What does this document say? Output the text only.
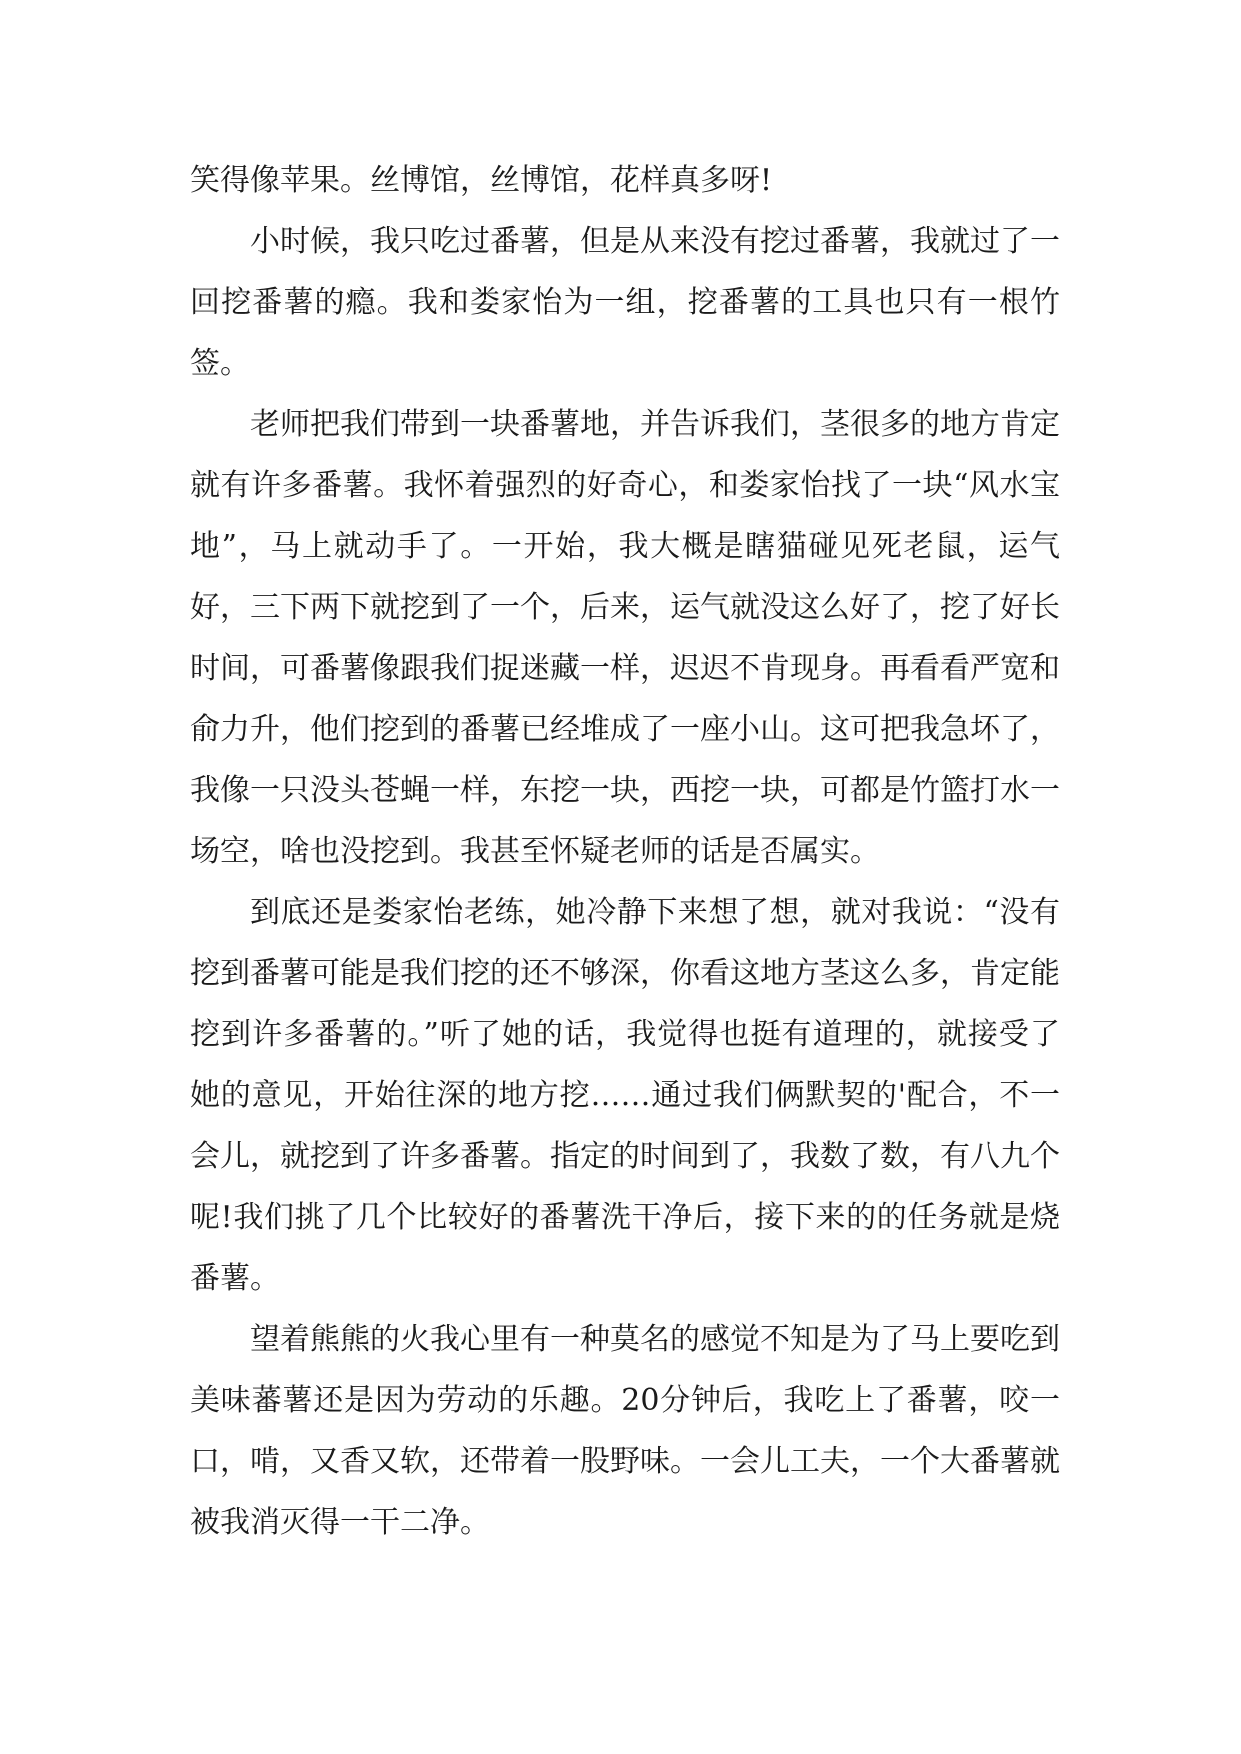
笑得像苹果。丝博馆，丝博馆，花样真多呀!

小时候，我只吃过番薯，但是从来没有挖过番薯，我就过了一回挖番薯的瘾。我和娄家怡为一组，挖番薯的工具也只有一根竹签。

老师把我们带到一块番薯地，并告诉我们，茎很多的地方肯定就有许多番薯。我怀着强烈的好奇心，和娄家怡找了一块“风水宝地”，马上就动手了。一开始，我大概是瞎猫碰见死老鼠，运气好，三下两下就挖到了一个，后来，运气就没这么好了，挖了好长时间，可番薯像跟我们捉迷藏一样，迟迟不肯现身。再看看严宽和俞力升，他们挖到的番薯已经堆成了一座小山。这可把我急坏了，我像一只没头苍蝇一样，东挖一块，西挖一块，可都是竹篮打水一场空，啥也没挖到。我甚至怀疑老师的话是否属实。

到底还是娄家怡老练，她冷静下来想了想，就对我说：“没有挖到番薯可能是我们挖的还不够深，你看这地方茎这么多，肯定能挖到许多番薯的。”听了她的话，我觉得也挺有道理的，就接受了她的意见，开始往深的地方挖……通过我们俩默契的'配合，不一会儿，就挖到了许多番薯。指定的时间到了，我数了数，有八九个呢!我们挑了几个比较好的番薯洗干净后，接下来的的任务就是烧番薯。

望着熊熊的火我心里有一种莫名的感觉不知是为了马上要吃到美味蕃薯还是因为劳动的乐趣。20分钟后，我吃上了番薯，咬一口，啃，又香又软，还带着一股野味。一会儿工夫，一个大番薯就被我消灭得一干二净。
